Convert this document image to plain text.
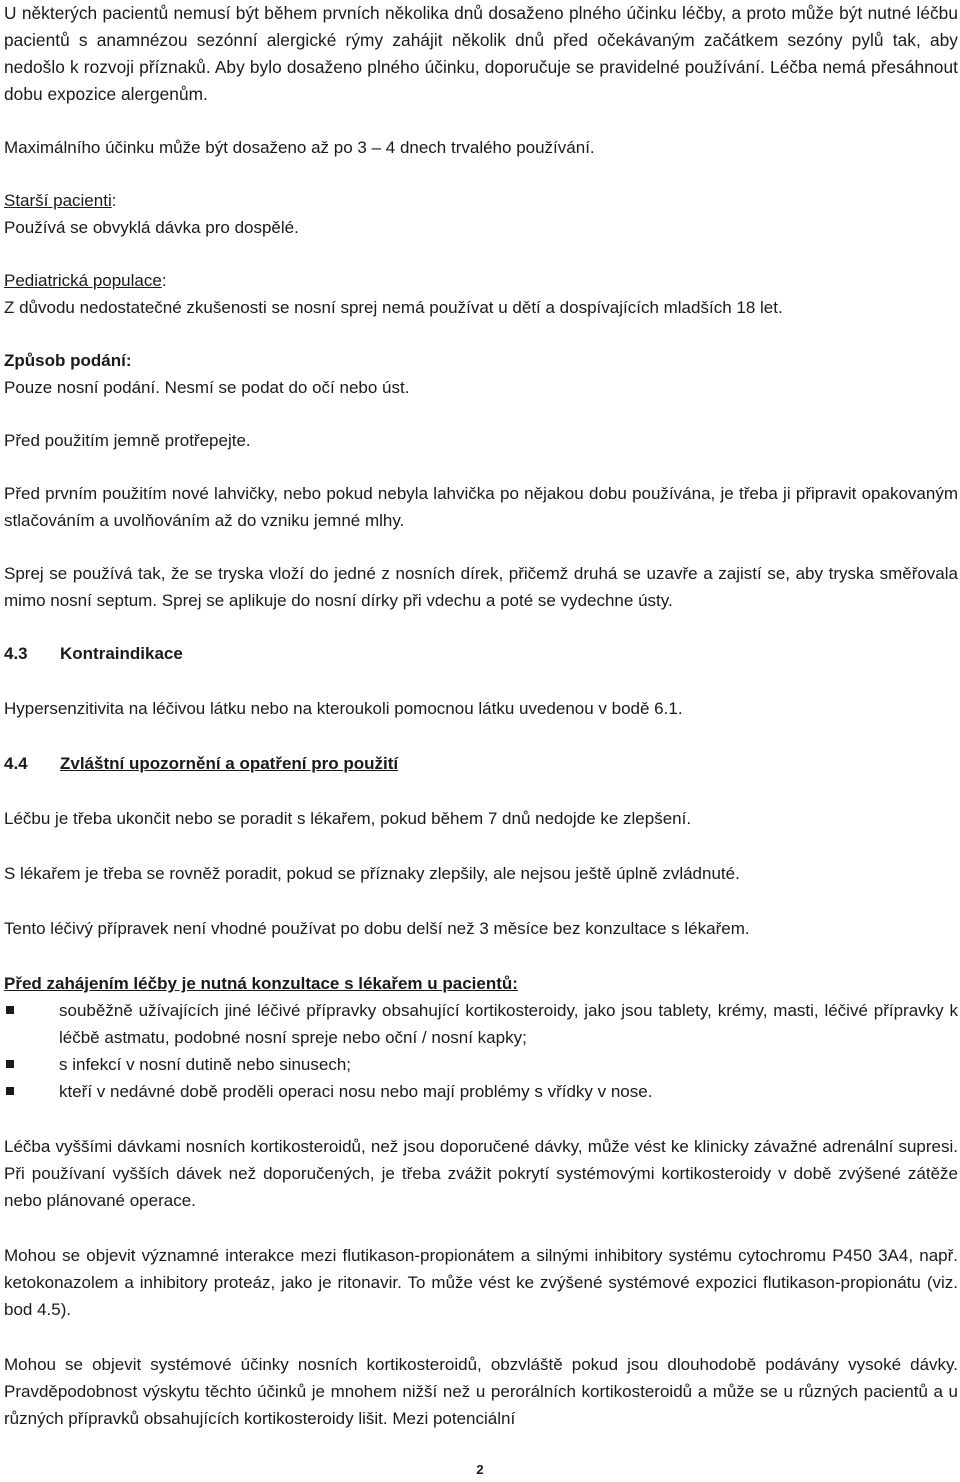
U některých pacientů nemusí být během prvních několika dnů dosaženo plného účinku léčby, a proto může být nutné léčbu pacientů s anamnézou sezónní alergické rýmy zahájit několik dnů před očekávaným začátkem sezóny pylů tak, aby nedošlo k rozvoji příznaků. Aby bylo dosaženo plného účinku, doporučuje se pravidelné používání. Léčba nemá přesáhnout dobu expozice alergenům.

Maximálního účinku může být dosaženo až po 3 – 4 dnech trvalého používání.

Starší pacienti:

Používá se obvyklá dávka pro dospělé.

Pediatrická populace:

Z důvodu nedostatečné zkušenosti se nosní sprej nemá používat u dětí a dospívajících mladších 18 let.

Způsob podání:

Pouze nosní podání. Nesmí se podat do očí nebo úst.

Před použitím jemně protřepejte.

Před prvním použitím nové lahvičky, nebo pokud nebyla lahvička po nějakou dobu používána, je třeba ji připravit opakovaným stlačováním a uvolňováním až do vzniku jemné mlhy.

Sprej se používá tak, že se tryska vloží do jedné z nosních dírek, přičemž druhá se uzavře a zajistí se, aby tryska směřovala mimo nosní septum. Sprej se aplikuje do nosní dírky při vdechu a poté se vydechne ústy.

4.3	Kontraindikace

Hypersenzitivita na léčivou látku nebo na kteroukoli pomocnou látku uvedenou v bodě 6.1.

4.4	Zvláštní upozornění a opatření pro použití

Léčbu je třeba ukončit nebo se poradit s lékařem, pokud během 7 dnů nedojde ke zlepšení.

S lékařem je třeba se rovněž poradit, pokud se příznaky zlepšily, ale nejsou ještě úplně zvládnuté.

Tento léčivý přípravek není vhodné používat po dobu delší než 3 měsíce bez konzultace s lékařem.

Před zahájením léčby je nutná konzultace s lékařem u pacientů:

souběžně užívajících jiné léčivé přípravky obsahující kortikosteroidy, jako jsou tablety, krémy, masti, léčivé přípravky k léčbě astmatu, podobné nosní spreje nebo oční / nosní kapky;
s infekcí v nosní dutině nebo sinusech;
kteří v nedávné době proděli operaci nosu nebo mají problémy s vřídky v nose.

Léčba vyššími dávkami nosních kortikosteroidů, než jsou doporučené dávky, může vést ke klinicky závažné adrenální supresi. Při používaní vyšších dávek než doporučených, je třeba zvážit pokrytí systémovými kortikosteroidy v době zvýšené zátěže nebo plánované operace.

Mohou se objevit významné interakce mezi flutikason-propionátem a silnými inhibitory systému cytochromu P450 3A4, např. ketokonazolem a inhibitory proteáz, jako je ritonavir. To může vést ke zvýšené systémové expozici flutikason-propionátu (viz. bod 4.5).

Mohou se objevit systémové účinky nosních kortikosteroidů, obzvláště pokud jsou dlouhodobě podávány vysoké dávky. Pravděpodobnost výskytu těchto účinků je mnohem nižší než u perorálních kortikosteroidů a může se u různých pacientů a u různých přípravků obsahujících kortikosteroidy lišit. Mezi potenciální

2
